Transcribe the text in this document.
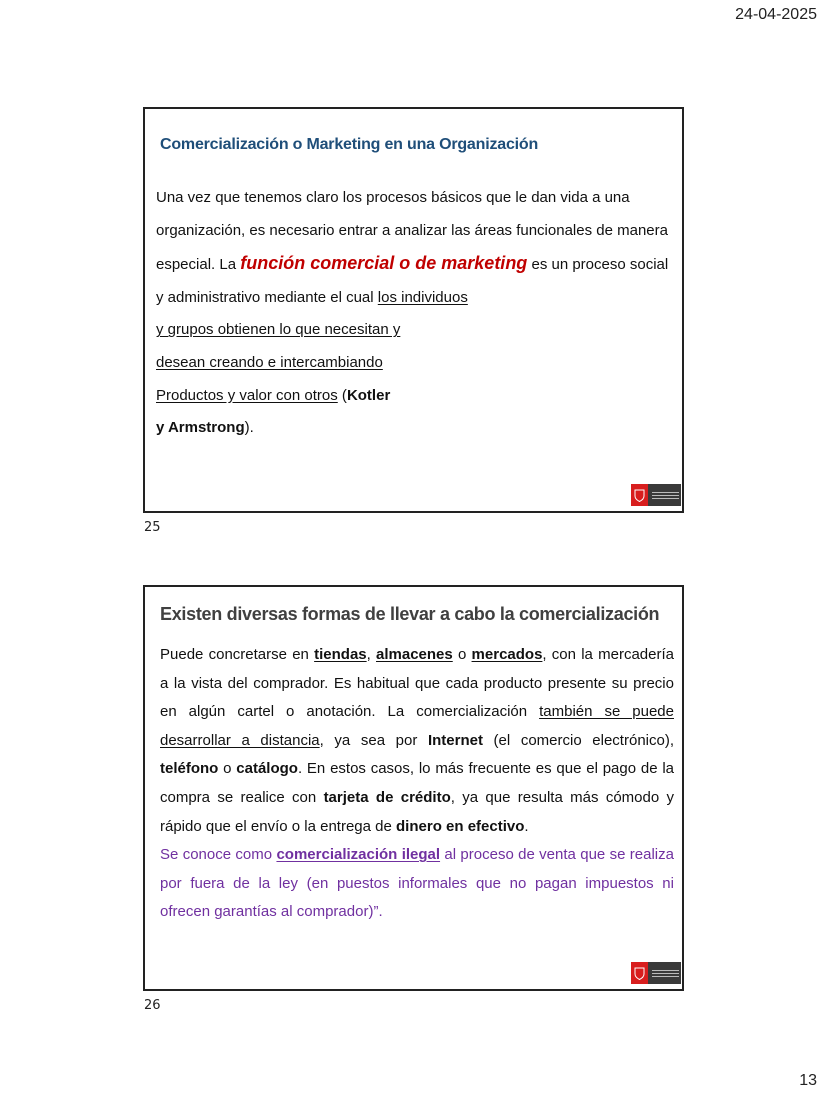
24-04-2025
Comercialización o Marketing en una Organización
Una vez que tenemos claro los procesos básicos que le dan vida a una organización, es necesario entrar a analizar las áreas funcionales de manera especial. La función comercial o de marketing es un proceso social y administrativo mediante el cual los individuos
y grupos obtienen lo que necesitan y
desean creando e intercambiando
Productos y valor con otros (Kotler
y Armstrong).
25
Existen diversas formas de llevar a cabo la comercialización

Puede concretarse en tiendas, almacenes o mercados, con la mercadería a la vista del comprador. Es habitual que cada producto presente su precio en algún cartel o anotación. La comercialización también se puede desarrollar a distancia, ya sea por Internet (el comercio electrónico), teléfono o catálogo. En estos casos, lo más frecuente es que el pago de la compra se realice con tarjeta de crédito, ya que resulta más cómodo y rápido que el envío o la entrega de dinero en efectivo.

Se conoce como comercialización ilegal al proceso de venta que se realiza por fuera de la ley (en puestos informales que no pagan impuestos ni ofrecen garantías al comprador)”.

26
13
